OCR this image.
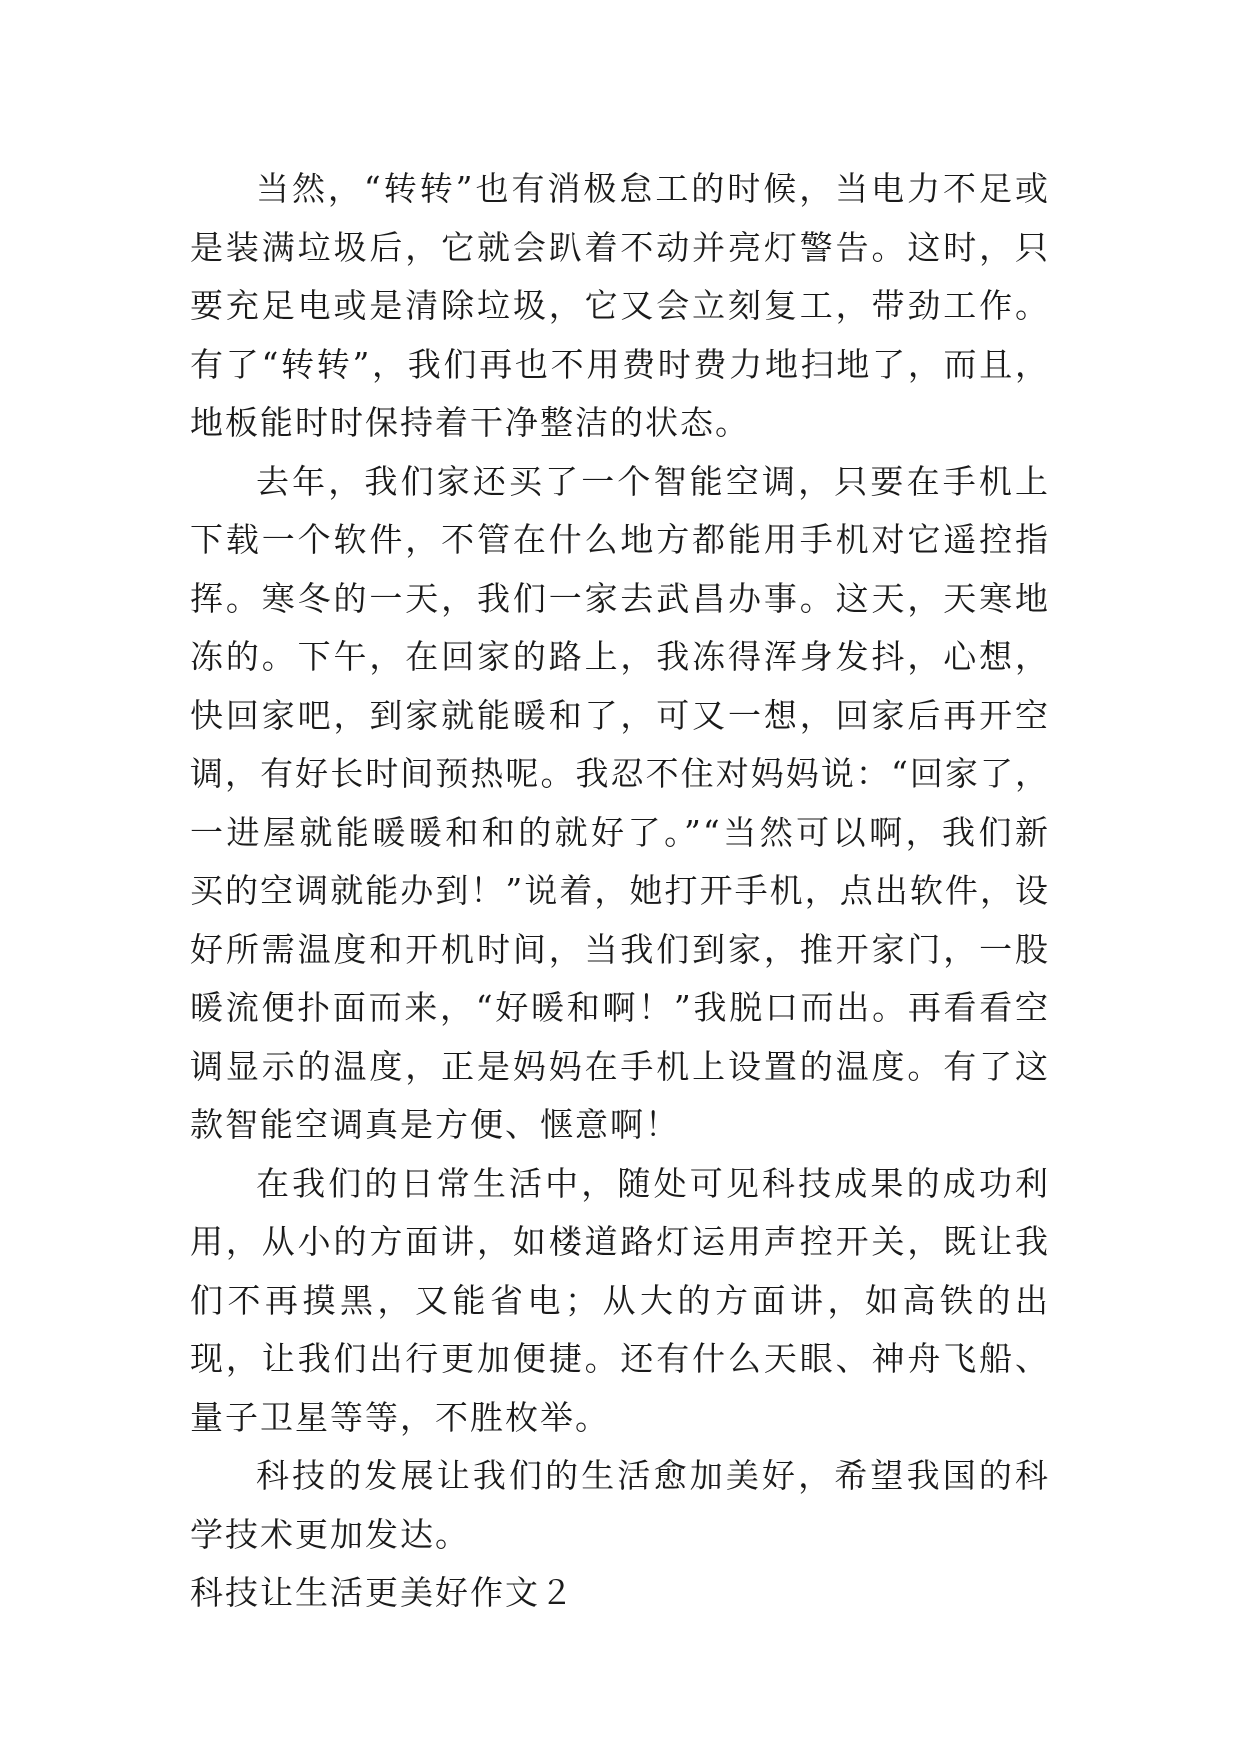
当然，“转转”也有消极怠工的时候，当电力不足或是装满垃圾后，它就会趴着不动并亮灯警告。这时，只要充足电或是清除垃圾，它又会立刻复工，带劲工作。 有了“转转”，我们再也不用费时费力地扫地了，而且，地板能时时保持着干净整洁的状态。

去年，我们家还买了一个智能空调，只要在手机上下载一个软件，不管在什么地方都能用手机对它遥控指挥。寒冬的一天，我们一家去武昌办事。这天，天寒地冻的。下午，在回家的路上，我冻得浑身发抖，心想，快回家吧，到家就能暖和了，可又一想，回家后再开空调，有好长时间预热呢。我忍不住对妈妈说：“回家了，一进屋就能暖暖和和的就好了。”“当然可以啊，我们新买的空调就能办到！”说着，她打开手机，点出软件，设好所需温度和开机时间，当我们到家，推开家门，一股暖流便扑面而来，“好暖和啊！”我脱口而出。再看看空调显示的温度，正是妈妈在手机上设置的温度。有了这款智能空调真是方便、惬意啊！

在我们的日常生活中，随处可见科技成果的成功利用，从小的方面讲，如楼道路灯运用声控开关，既让我们不再摸黑，又能省电；从大的方面讲，如高铁的出现，让我们出行更加便捷。还有什么天眼、神舟飞船、量子卫星等等，不胜枚举。

科技的发展让我们的生活愈加美好，希望我国的科学技术更加发达。

科技让生活更美好作文２
